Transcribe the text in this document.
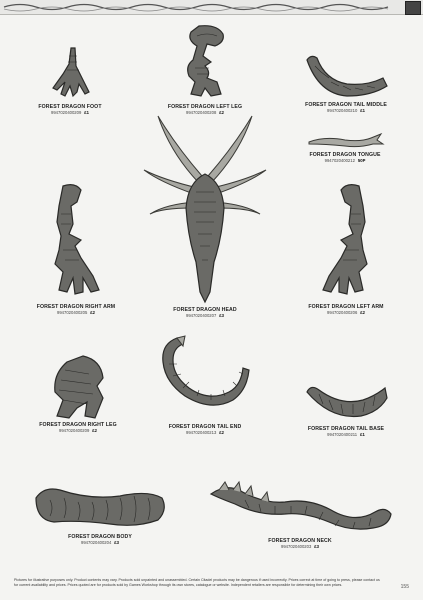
FOREST DRAGON FOOT
9947020400209 £1
FOREST DRAGON LEFT LEG
9947020400208 £2
FOREST DRAGON TAIL MIDDLE
9947020400210 £1
FOREST DRAGON TONGUE
9947020400212 50P
FOREST DRAGON RIGHT ARM
9947020400205 £2	FOREST DRAGON HEAD
9947020400207 £3
FOREST DRAGON LEFT ARM
9947020400206 £2
FOREST DRAGON RIGHT LEG
9947020400209 £2
FOREST DRAGON TAIL END
9947020400213 £2
FOREST DRAGON TAIL BASE
9947020400211 £1
FOREST DRAGON BODY
9947020400204 £3	FOREST DRAGON NECK
9947020400203 £3
Pictures for illustrative purposes only. Product contents may vary. Products sold unpainted and unassembled. Certain Citadel products may be dangerous if used incorrectly. Prices correct at time of going to press, please contact us for current availability and prices. Prices quoted are for products sold by Games Workshop through its own stores, catalogue or website. Independent retailers are responsible for determining their own prices.	155
